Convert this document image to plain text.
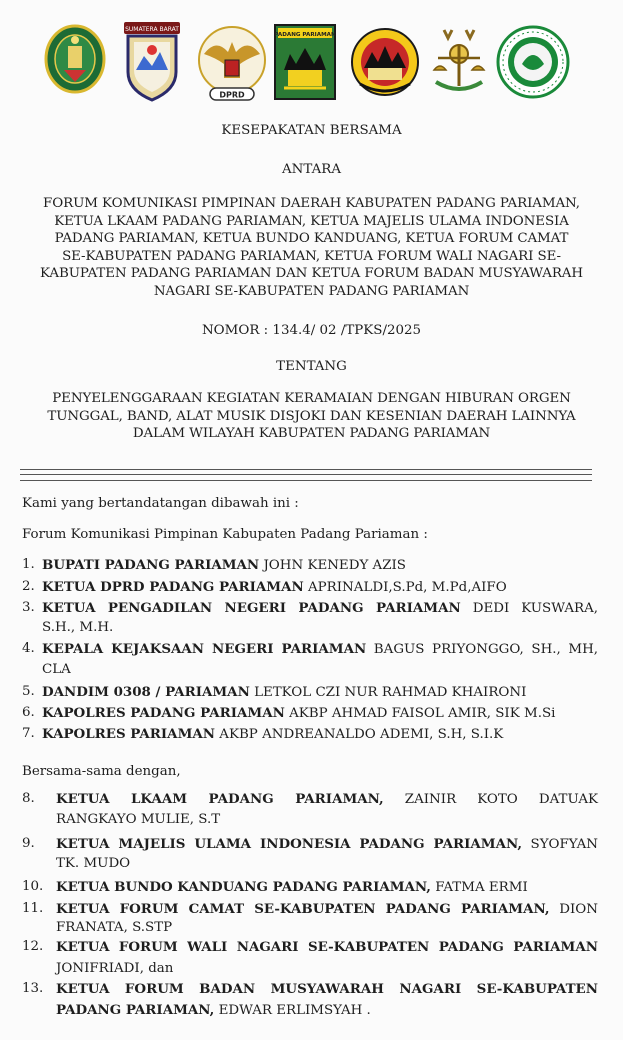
SUMATERA BARAT
DPRD
PADANG PARIAMAN
KESEPAKATAN BERSAMA
ANTARA
FORUM KOMUNIKASI PIMPINAN DAERAH KABUPATEN PADANG PARIAMAN,
KETUA LKAAM PADANG PARIAMAN, KETUA MAJELIS ULAMA INDONESIA
PADANG PARIAMAN, KETUA BUNDO KANDUANG, KETUA FORUM CAMAT
SE-KABUPATEN PADANG PARIAMAN, KETUA FORUM WALI NAGARI SE-
KABUPATEN PADANG PARIAMAN DAN KETUA FORUM BADAN MUSYAWARAH
NAGARI SE-KABUPATEN PADANG PARIAMAN
NOMOR : 134.4/ 02 /TPKS/2025
TENTANG
PENYELENGGARAAN KEGIATAN KERAMAIAN DENGAN HIBURAN ORGEN
TUNGGAL, BAND, ALAT MUSIK DISJOKI DAN KESENIAN DAERAH LAINNYA
DALAM WILAYAH KABUPATEN PADANG PARIAMAN
Kami yang bertandatangan dibawah ini :
Forum Komunikasi Pimpinan Kabupaten Padang Pariaman :
1. BUPATI PADANG PARIAMAN JOHN KENEDY AZIS
2. KETUA DPRD PADANG PARIAMAN APRINALDI,S.Pd, M.Pd,AIFO
3. KETUA PENGADILAN NEGERI PADANG PARIAMAN DEDI KUSWARA,
S.H., M.H.
4. KEPALA KEJAKSAAN NEGERI PARIAMAN BAGUS PRIYONGGO, SH., MH,
CLA
5. DANDIM 0308 / PARIAMAN LETKOL CZI NUR RAHMAD KHAIRONI
6. KAPOLRES PADANG PARIAMAN AKBP AHMAD FAISOL AMIR, SIK M.Si
7. KAPOLRES PARIAMAN AKBP ANDREANALDO ADEMI, S.H, S.I.K
Bersama-sama dengan,
8. KETUA LKAAM PADANG PARIAMAN, ZAINIR KOTO DATUAK
RANGKAYO MULIE, S.T
9. KETUA MAJELIS ULAMA INDONESIA PADANG PARIAMAN, SYOFYAN
TK. MUDO
10. KETUA BUNDO KANDUANG PADANG PARIAMAN, FATMA ERMI
11. KETUA FORUM CAMAT SE-KABUPATEN PADANG PARIAMAN, DION
FRANATA, S.STP
12. KETUA FORUM WALI NAGARI SE-KABUPATEN PADANG PARIAMAN
JONIFRIADI, dan
13. KETUA FORUM BADAN MUSYAWARAH NAGARI SE-KABUPATEN
PADANG PARIAMAN, EDWAR ERLIMSYAH .
